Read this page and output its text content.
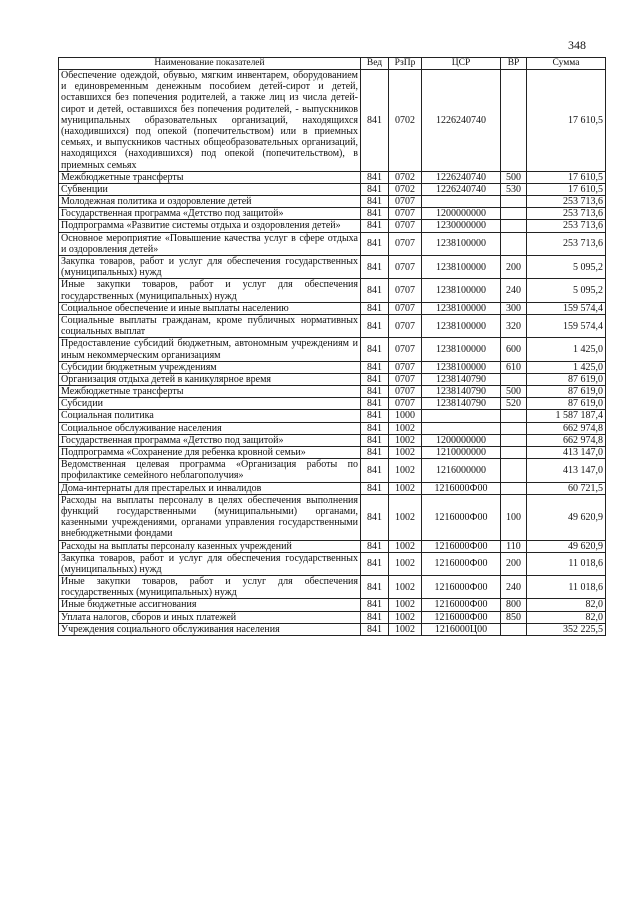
348
Наименование показателей	Вед	РзПр	ЦСР	ВР	Сумма
Обеспечение одеждой, обувью, мягким инвентарем, оборудованием и единовременным денежным пособием детей-сирот и детей, оставшихся без попечения родителей, а также лиц из числа детей-сирот и детей, оставшихся без попечения родителей, - выпускников муниципальных образовательных организаций, находящихся (находившихся) под опекой (попечительством) или в приемных семьях, и выпускников частных общеобразовательных организаций, находящихся (находившихся) под опекой (попечительством), в приемных семьях	841	0702	1226240740		17 610,5
Межбюджетные трансферты	841	0702	1226240740	500	17 610,5
Субвенции	841	0702	1226240740	530	17 610,5
Молодежная политика и оздоровление детей	841	0707			253 713,6
Государственная программа «Детство под защитой»	841	0707	1200000000		253 713,6
Подпрограмма «Развитие системы отдыха и оздоровления детей»	841	0707	1230000000		253 713,6
Основное мероприятие «Повышение качества услуг в сфере отдыха и оздоровления детей»	841	0707	1238100000		253 713,6
Закупка товаров, работ и услуг для обеспечения государственных (муниципальных) нужд	841	0707	1238100000	200	5 095,2
Иные закупки товаров, работ и услуг для обеспечения государственных (муниципальных) нужд	841	0707	1238100000	240	5 095,2
Социальное обеспечение и иные выплаты населению	841	0707	1238100000	300	159 574,4
Социальные выплаты гражданам, кроме публичных нормативных социальных выплат	841	0707	1238100000	320	159 574,4
Предоставление субсидий бюджетным, автономным учреждениям и иным некоммерческим организациям	841	0707	1238100000	600	1 425,0
Субсидии бюджетным учреждениям	841	0707	1238100000	610	1 425,0
Организация отдыха детей в каникулярное время	841	0707	1238140790		87 619,0
Межбюджетные трансферты	841	0707	1238140790	500	87 619,0
Субсидии	841	0707	1238140790	520	87 619,0
Социальная политика	841	1000			1 587 187,4
Социальное обслуживание населения	841	1002			662 974,8
Государственная программа «Детство под защитой»	841	1002	1200000000		662 974,8
Подпрограмма «Сохранение для ребенка кровной семьи»	841	1002	1210000000		413 147,0
Ведомственная целевая программа «Организация работы по профилактике семейного неблагополучия»	841	1002	1216000000		413 147,0
Дома-интернаты для престарелых и инвалидов	841	1002	1216000Ф00		60 721,5
Расходы на выплаты персоналу в целях обеспечения выполнения функций государственными (муниципальными) органами, казенными учреждениями, органами управления государственными внебюджетными фондами	841	1002	1216000Ф00	100	49 620,9
Расходы на выплаты персоналу казенных учреждений	841	1002	1216000Ф00	110	49 620,9
Закупка товаров, работ и услуг для обеспечения государственных (муниципальных) нужд	841	1002	1216000Ф00	200	11 018,6
Иные закупки товаров, работ и услуг для обеспечения государственных (муниципальных) нужд	841	1002	1216000Ф00	240	11 018,6
Иные бюджетные ассигнования	841	1002	1216000Ф00	800	82,0
Уплата налогов, сборов и иных платежей	841	1002	1216000Ф00	850	82,0
Учреждения социального обслуживания населения	841	1002	1216000Ц00		352 225,5
